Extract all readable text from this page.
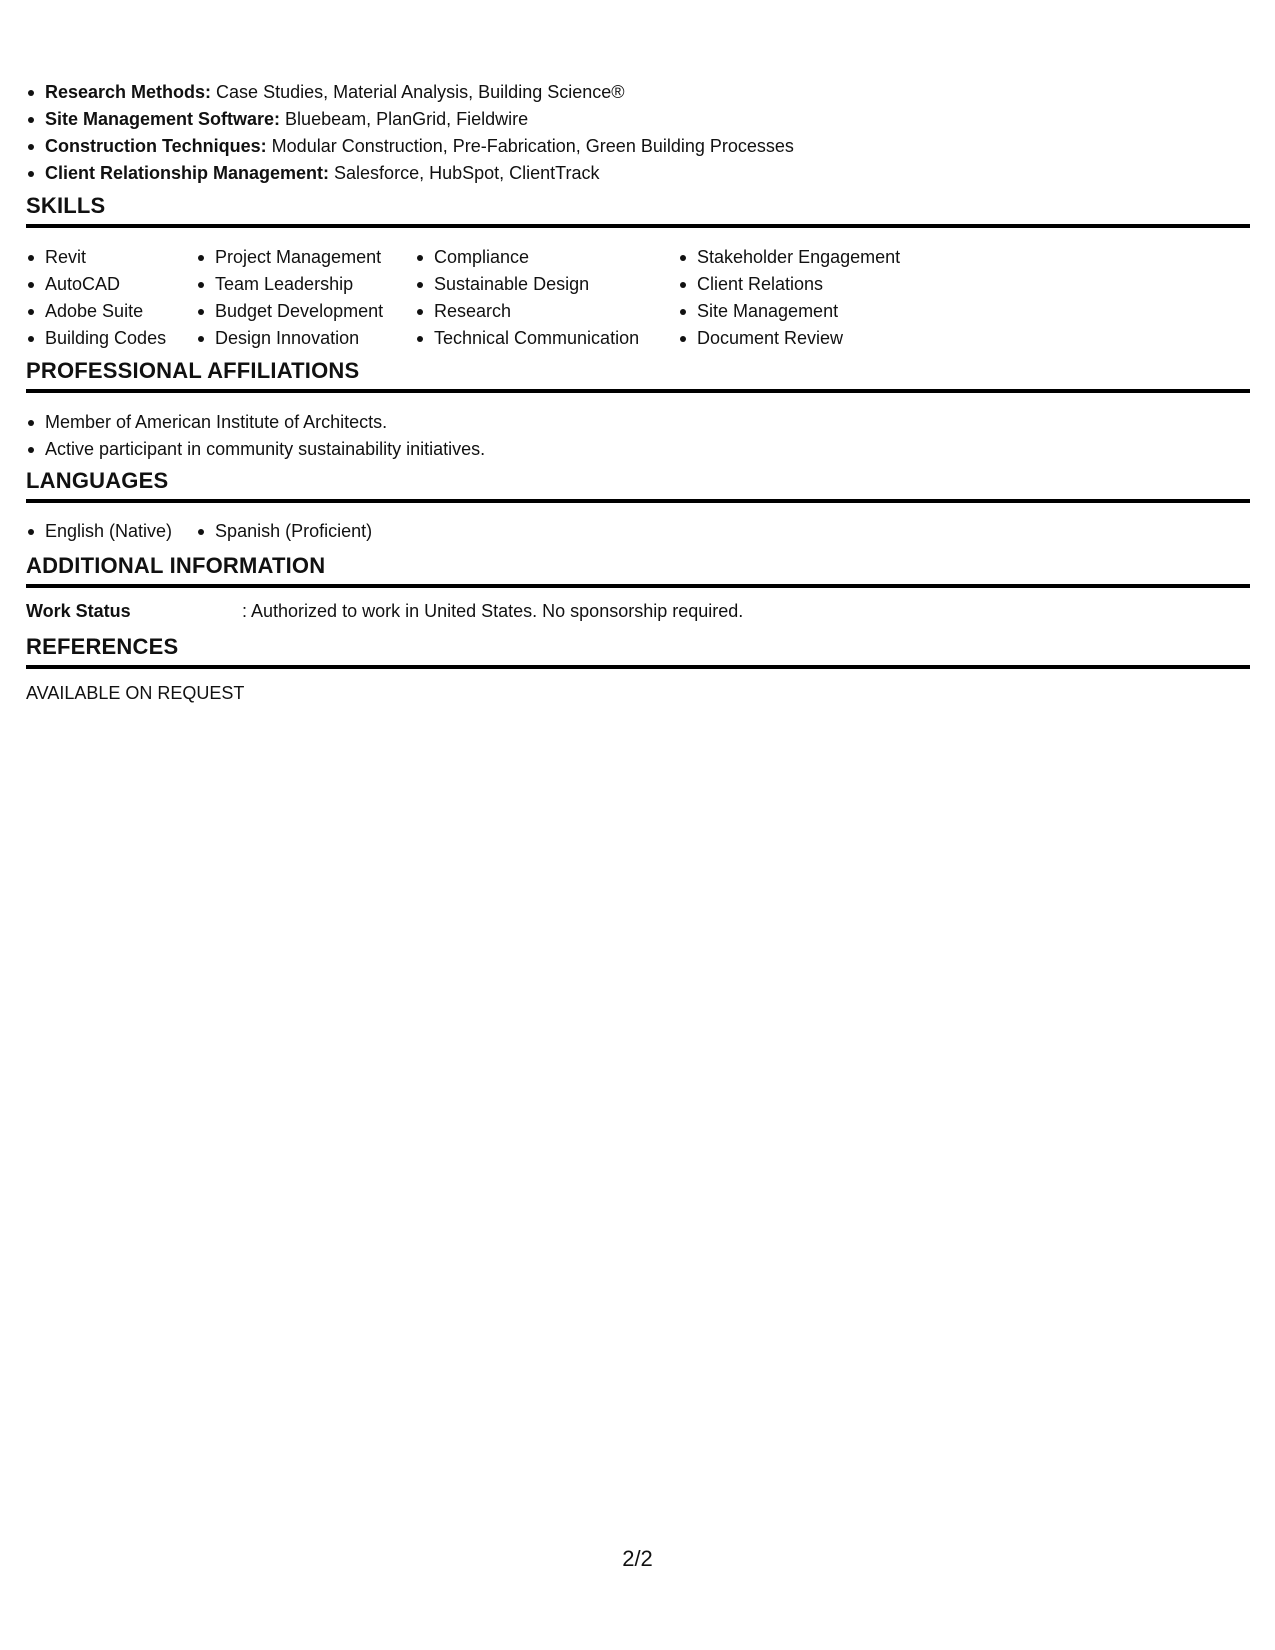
Research Methods: Case Studies, Material Analysis, Building Science®
Site Management Software: Bluebeam, PlanGrid, Fieldwire
Construction Techniques: Modular Construction, Pre-Fabrication, Green Building Processes
Client Relationship Management: Salesforce, HubSpot, ClientTrack
SKILLS
Revit
AutoCAD
Adobe Suite
Building Codes
Project Management
Team Leadership
Budget Development
Design Innovation
Compliance
Sustainable Design
Research
Technical Communication
Stakeholder Engagement
Client Relations
Site Management
Document Review
PROFESSIONAL AFFILIATIONS
Member of American Institute of Architects.
Active participant in community sustainability initiatives.
LANGUAGES
English (Native)	Spanish (Proficient)
ADDITIONAL INFORMATION
Work Status	: Authorized to work in United States. No sponsorship required.
REFERENCES
AVAILABLE ON REQUEST
2/2
